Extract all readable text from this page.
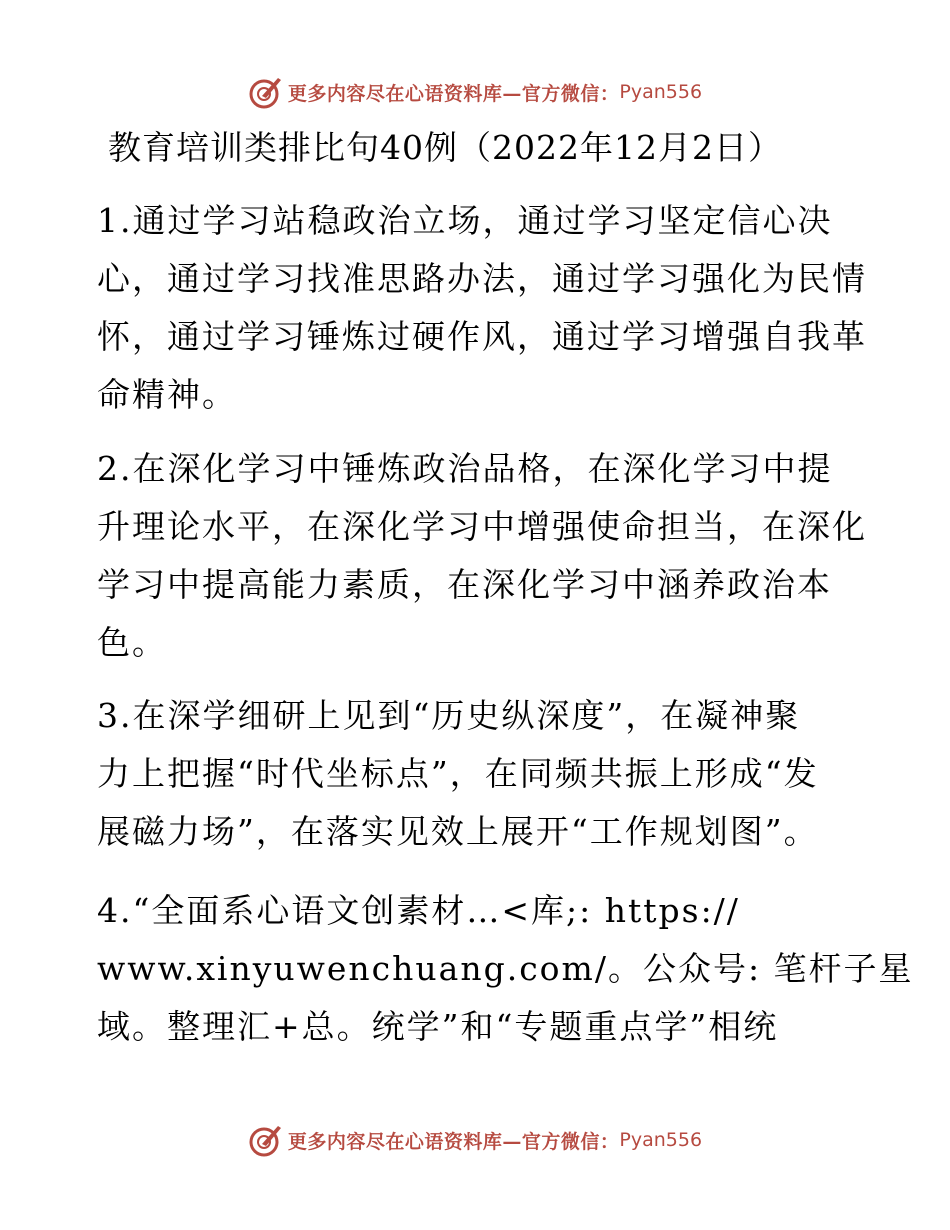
更多内容尽在心语资料库—官方微信： Pyan556
教育培训类排比句40例（2022年12月2日）
1.通过学习站稳政治立场，通过学习坚定信心决
心，通过学习找准思路办法，通过学习强化为民情
怀，通过学习锤炼过硬作风，通过学习增强自我革
命精神。
2.在深化学习中锤炼政治品格，在深化学习中提
升理论水平，在深化学习中增强使命担当，在深化
学习中提高能力素质，在深化学习中涵养政治本
色。
3.在深学细研上见到“历史纵深度”，在凝神聚
力上把握“时代坐标点”，在同频共振上形成“发
展磁力场”，在落实见效上展开“工作规划图”。
4.“全面系心语文创素材…<库;: https://
www.xinyuwenchuang.com/。公众号: 笔杆子星
域。整理汇+总。统学”和“专题重点学”相统
更多内容尽在心语资料库—官方微信： Pyan556
